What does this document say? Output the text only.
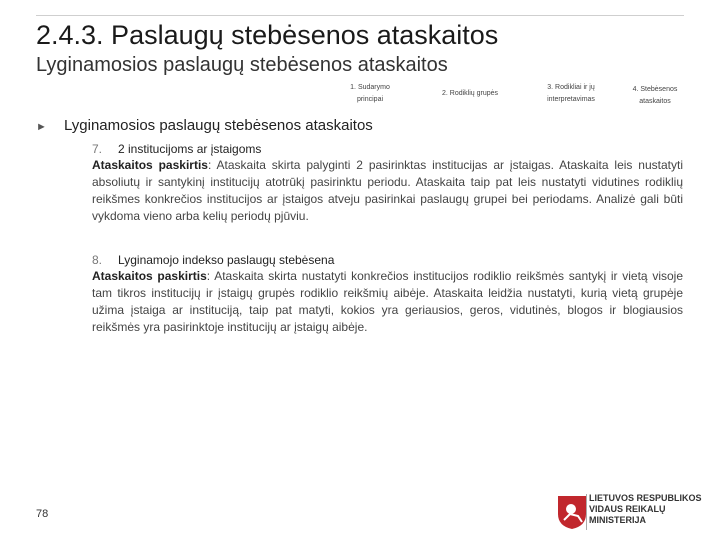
2.4.3. Paslaugų stebėsenos ataskaitos
Lyginamosios paslaugų stebėsenos ataskaitos
1. Sudarymo principai
2. Rodiklių grupės
3. Rodikliai ir jų interpretavimas
4. Stebėsenos ataskaitos
► Lyginamosios paslaugų stebėsenos ataskaitos
7. 2 institucijoms ar įstaigoms
Ataskaitos paskirtis: Ataskaita skirta palyginti 2 pasirinktas institucijas ar įstaigas. Ataskaita leis nustatyti absoliutų ir santykinį institucijų atotrūkį pasirinktu periodu. Ataskaita taip pat leis nustatyti vidutines rodiklių reikšmes konkrečios institucijos ar įstaigos atveju pasirinkai paslaugų grupei bei periodams. Analizė gali būti vykdoma vieno arba kelių periodų pjūviu.
8. Lyginamojo indekso paslaugų stebėsena
Ataskaitos paskirtis: Ataskaita skirta nustatyti konkrečios institucijos rodiklio reikšmės santykį ir vietą visoje tam tikros institucijų ir įstaigų grupės rodiklio reikšmių aibėje. Ataskaita leidžia nustatyti, kurią vietą grupėje užima įstaiga ar instituciją, taip pat matyti, kokios yra geriausios, geros, vidutinės, blogos ir blogiausios reikšmės yra pasirinktoje institucijų ar įstaigų aibėje.
78
LIETUVOS RESPUBLIKOS
VIDAUS REIKALŲ
MINISTERIJA
